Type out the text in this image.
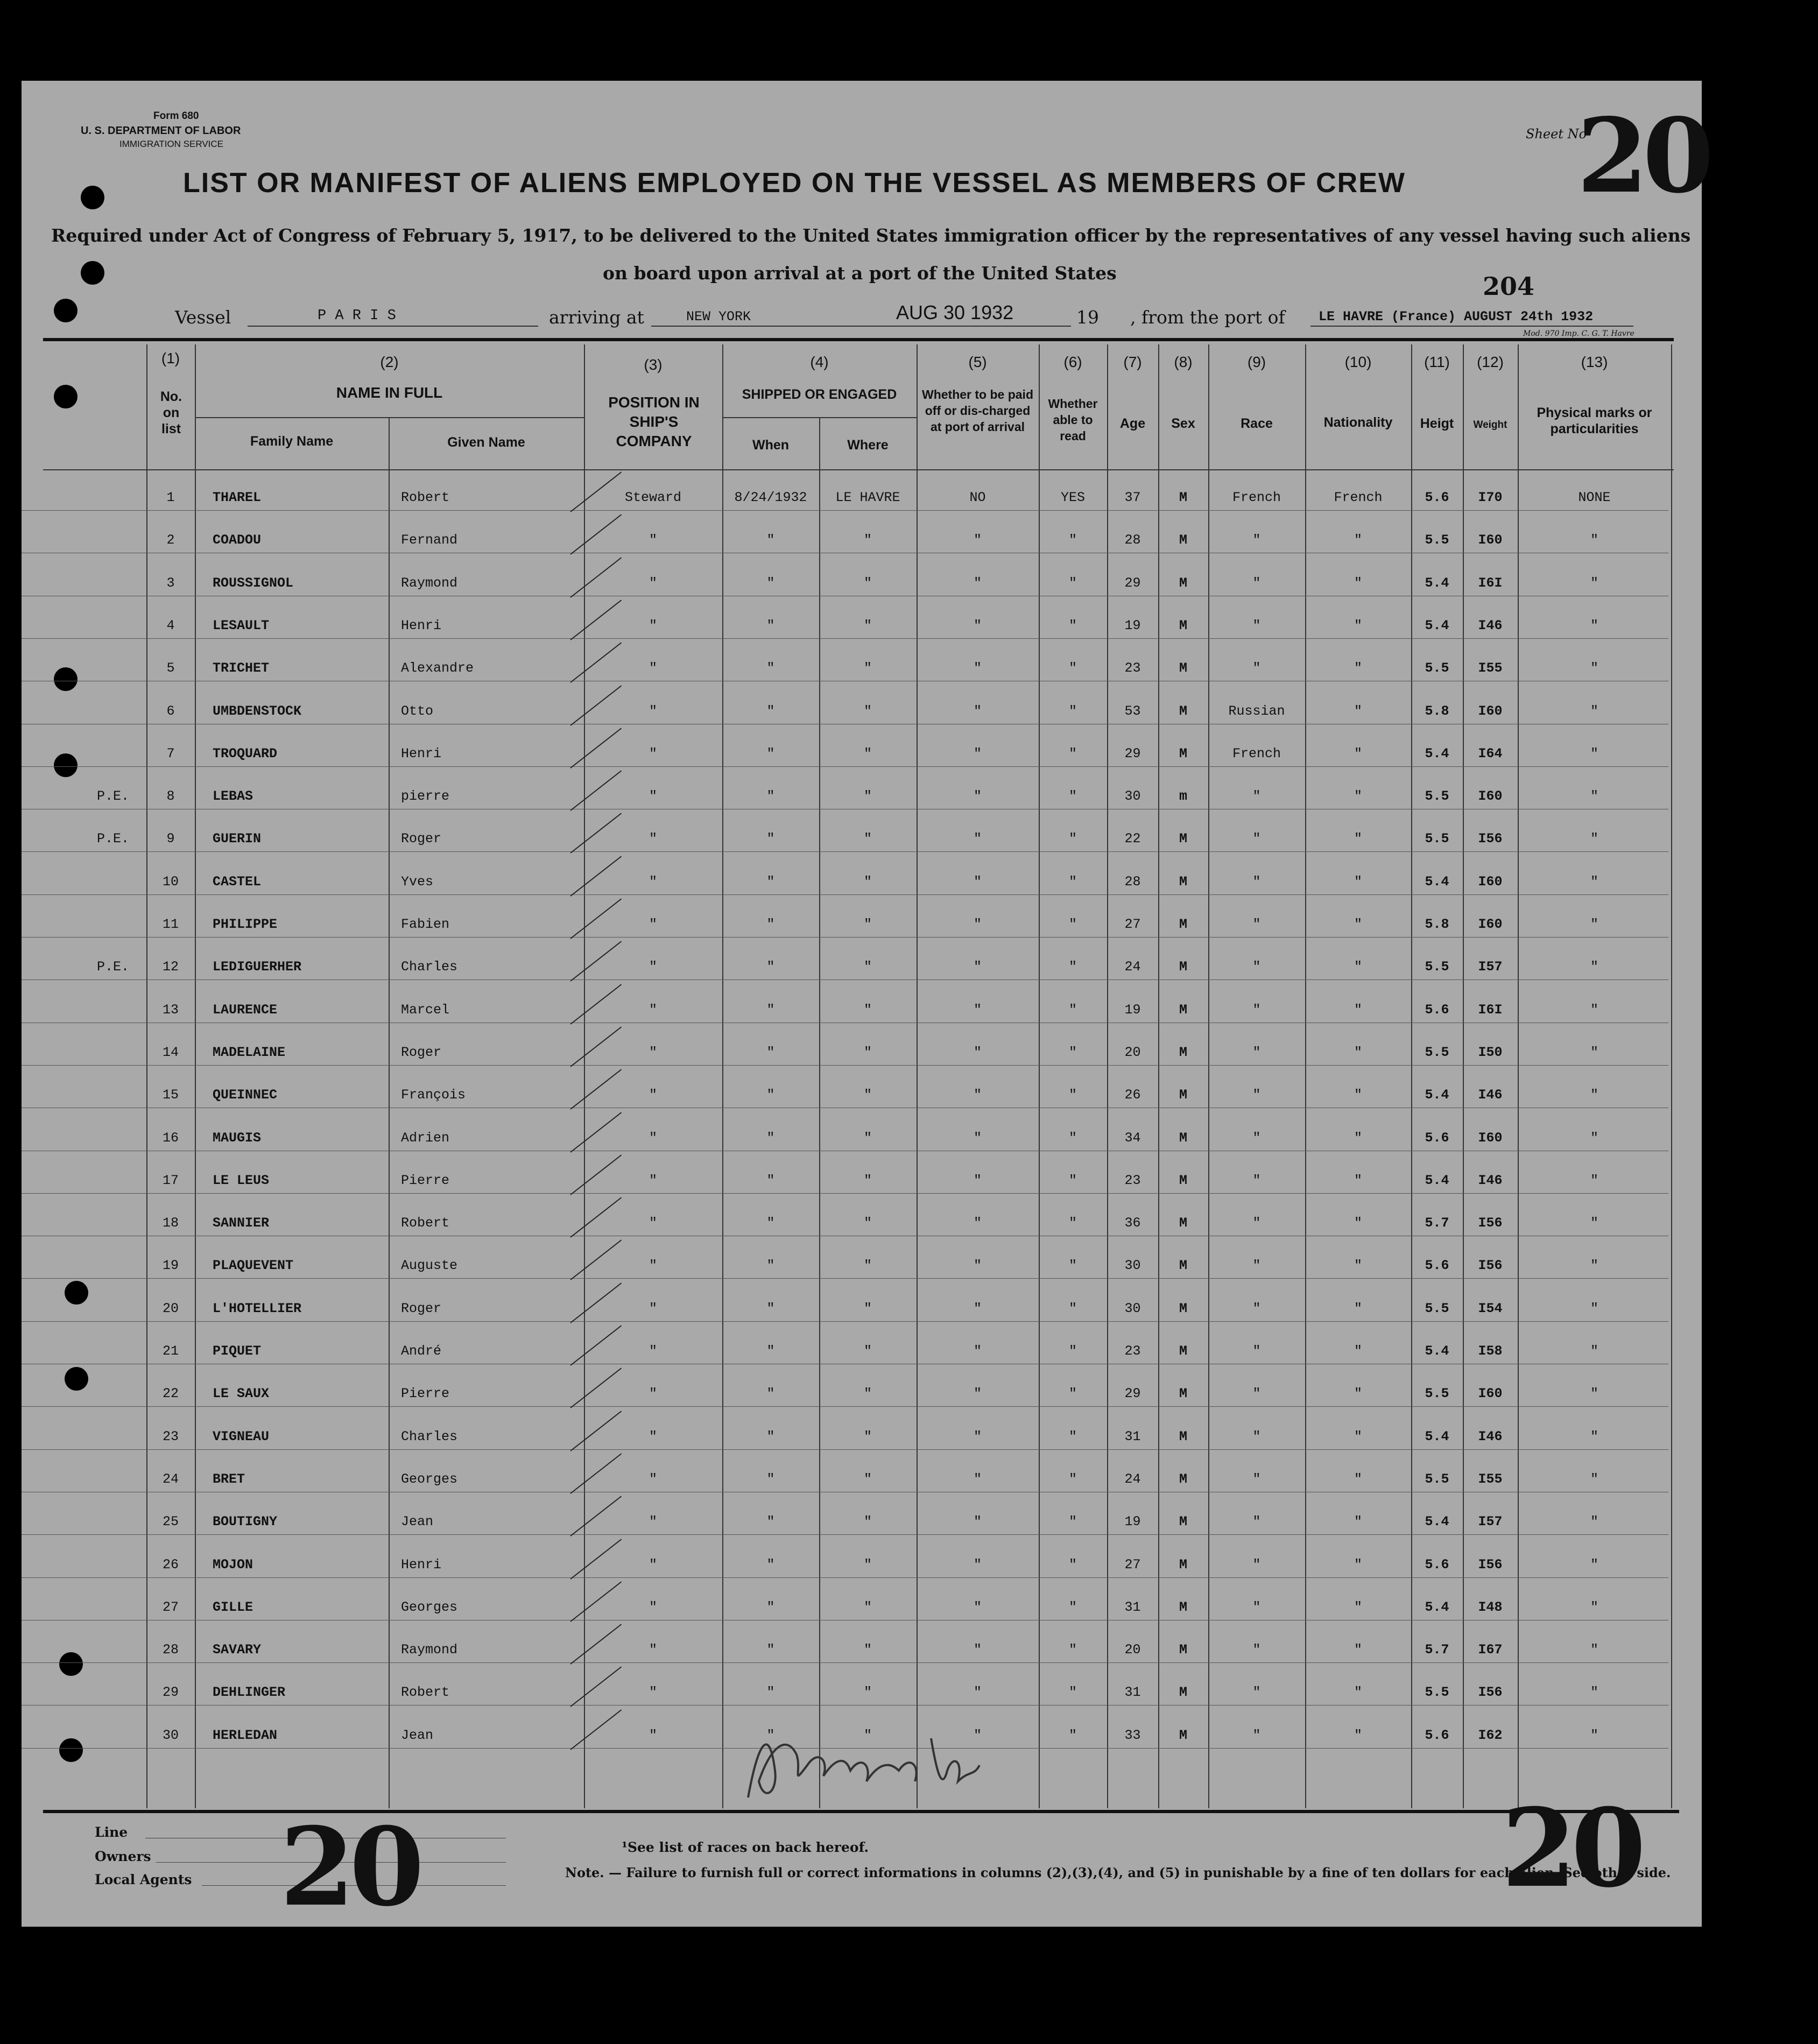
Form 680
U. S. DEPARTMENT OF LABOR
IMMIGRATION SERVICE
Sheet No
20
LIST OR MANIFEST OF ALIENS EMPLOYED ON THE VESSEL AS MEMBERS OF CREW
Required under Act of Congress of February 5, 1917, to be delivered to the United States immigration officer by the representatives of any vessel having such aliens
on board upon arrival at a port of the United States	204
Vessel	P A R I S	arriving at	NEW YORK	AUG 30 1932	19 , from the port of LE HAVRE (France) AUGUST 24th 1932
Mod. 970 Imp. C. G. T. Havre
(1)
No. on list
(2)
NAME IN FULL
Family Name	Given Name
(3)
POSITION IN SHIP'S COMPANY
(4)
SHIPPED OR ENGAGED
When	Where
(5)
Whether to be paid off or dis-charged at port of arrival
(6)
Whether able to read
(7)
Age
(8)
Sex
(9)
Race
(10)
Nationality
(11)
Heigt
(12)
Weight
(13)
Physical marks or particularities
1	THAREL	Robert	Steward	8/24/1932	LE HAVRE	NO	YES	37	M	French	French	5.6	I70	NONE
2	COADOU	Fernand	"	"	"	"	"	28	M	"	"	5.5	I60	"
3	ROUSSIGNOL	Raymond	"	"	"	"	"	29	M	"	"	5.4	I6I	"
4	LESAULT	Henri	"	"	"	"	"	19	M	"	"	5.4	I46	"
5	TRICHET	Alexandre	"	"	"	"	"	23	M	"	"	5.5	I55	"
6	UMBDENSTOCK	Otto	"	"	"	"	"	53	M	Russian	"	5.8	I60	"
7	TROQUARD	Henri	"	"	"	"	"	29	M	French	"	5.4	I64	"
P.E.	8	LEBAS	pierre	"	"	"	"	"	30	m	"	"	5.5	I60	"
P.E.	9	GUERIN	Roger	"	"	"	"	"	22	M	"	"	5.5	I56	"
10	CASTEL	Yves	"	"	"	"	"	28	M	"	"	5.4	I60	"
11	PHILIPPE	Fabien	"	"	"	"	"	27	M	"	"	5.8	I60	"
P.E.	12	LEDIGUERHER	Charles	"	"	"	"	"	24	M	"	"	5.5	I57	"
13	LAURENCE	Marcel	"	"	"	"	"	19	M	"	"	5.6	I6I	"
14	MADELAINE	Roger	"	"	"	"	"	20	M	"	"	5.5	I50	"
15	QUEINNEC	François	"	"	"	"	"	26	M	"	"	5.4	I46	"
16	MAUGIS	Adrien	"	"	"	"	"	34	M	"	"	5.6	I60	"
17	LE LEUS	Pierre	"	"	"	"	"	23	M	"	"	5.4	I46	"
18	SANNIER	Robert	"	"	"	"	"	36	M	"	"	5.7	I56	"
19	PLAQUEVENT	Auguste	"	"	"	"	"	30	M	"	"	5.6	I56	"
20	L'HOTELLIER	Roger	"	"	"	"	"	30	M	"	"	5.5	I54	"
21	PIQUET	André	"	"	"	"	"	23	M	"	"	5.4	I58	"
22	LE SAUX	Pierre	"	"	"	"	"	29	M	"	"	5.5	I60	"
23	VIGNEAU	Charles	"	"	"	"	"	31	M	"	"	5.4	I46	"
24	BRET	Georges	"	"	"	"	"	24	M	"	"	5.5	I55	"
25	BOUTIGNY	Jean	"	"	"	"	"	19	M	"	"	5.4	I57	"
26	MOJON	Henri	"	"	"	"	"	27	M	"	"	5.6	I56	"
27	GILLE	Georges	"	"	"	"	"	31	M	"	"	5.4	I48	"
28	SAVARY	Raymond	"	"	"	"	"	20	M	"	"	5.7	I67	"
29	DEHLINGER	Robert	"	"	"	"	"	31	M	"	"	5.5	I56	"
30	HERLEDAN	Jean	"	"	"	"	"	33	M	"	"	5.6	I62	"
Line
Owners
Local Agents 20	20
¹See list of races on back hereof.
Note. — Failure to furnish full or correct informations in columns (2),(3),(4), and (5) in punishable by a fine of ten dollars for each alien. See other side.
